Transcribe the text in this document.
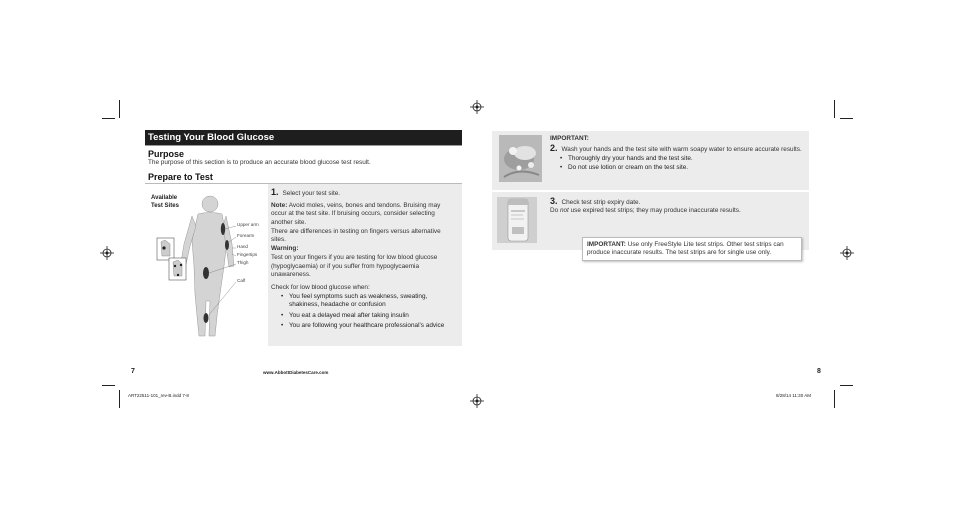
Testing Your Blood Glucose
Purpose
The purpose of this section is to produce an accurate blood glucose test result.
Prepare to Test
Available
Test Sites
Upper arm
Forearm
Hand
Fingertips
Thigh
Calf
1. Select your test site.
Note: Avoid moles, veins, bones and tendons. Bruising may occur at the test site. If bruising occurs, consider selecting another site.
There are differences in testing on fingers versus alternative sites.
Warning:
Test on your fingers if you are testing for low blood glucose (hypoglycaemia) or if you suffer from hypoglycaemia unawareness.
Check for low blood glucose when:
• You feel symptoms such as weakness, sweating, shakiness, headache or confusion
• You eat a delayed meal after taking insulin
• You are following your healthcare professional’s advice
7	www.AbbottDiabetesCare.com
IMPORTANT:
2. Wash your hands and the test site with warm soapy water to ensure accurate results.
• Thoroughly dry your hands and the test site.
• Do not use lotion or cream on the test site.
3. Check test strip expiry date.
Do not use expired test strips; they may produce inaccurate results.
IMPORTANT: Use only FreeStyle Lite test strips. Other test strips can produce inaccurate results. The test strips are for single use only.
8
ART22511-101_rev-B.indd 7-8	8/28/14 11:30 AM
